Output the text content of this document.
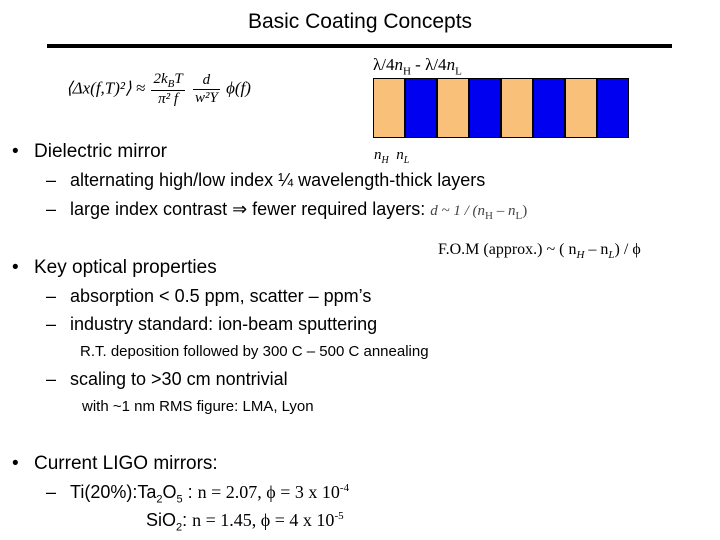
Basic Coating Concepts
⟨Δx(f,T)²⟩ ≈ $\frac{2k_BT}{\text{π² f}}$
$\frac{d}{\text{w²Y}} \phi(f)$
$\lambda/4n_H - \lambda/4n_L$
$n_H$ $n_L$
• Dielectric mirror
– alternating high/low index ¼ wavelength-thick layers
– large index contrast ⇒ fewer required layers: d ~ $1 / (n_H - n_L)$
F.O.M (approx.) ~ ( $n_H - n_L$) / ϕ
• Key optical properties
– absorption < 0.5 ppm, scatter – ppm’s
– industry standard: ion-beam sputtering
R.T. deposition followed by 300 C – 500 C annealing
– scaling to >30 cm nontrivial
with ~1 nm RMS figure: LMA, Lyon
• Current LIGO mirrors:
– $Ti(20\%):Ta_2O_5$ : n = 2.07, ϕ = 3 x $10^{-4}$
SiO$_2$: n = 1.45, ϕ = 4 x $10^{-5}$
